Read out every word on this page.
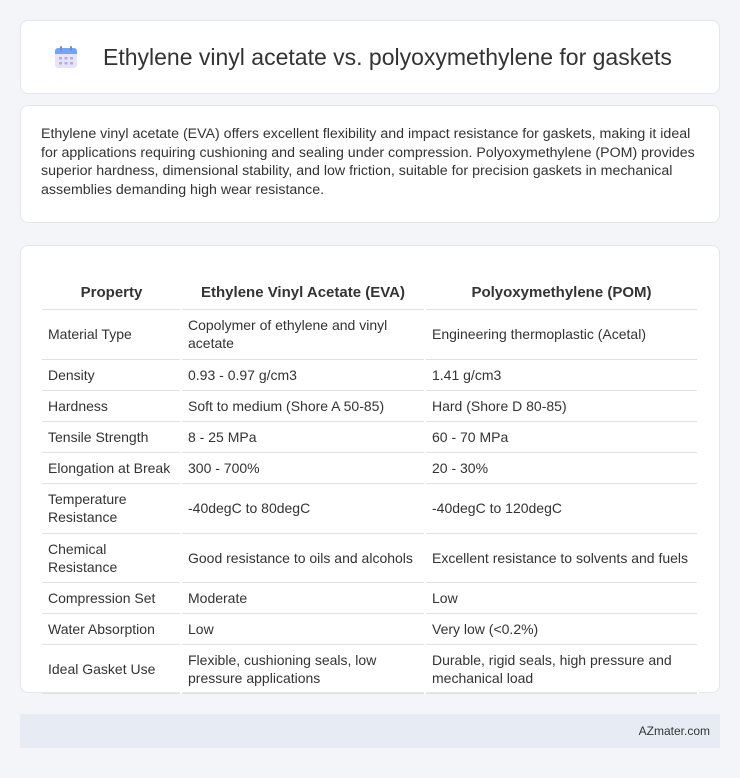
Ethylene vinyl acetate vs. polyoxymethylene for gaskets

Ethylene vinyl acetate (EVA) offers excellent flexibility and impact resistance for gaskets, making it ideal for applications requiring cushioning and sealing under compression. Polyoxymethylene (POM) provides superior hardness, dimensional stability, and low friction, suitable for precision gaskets in mechanical assemblies demanding high wear resistance.

Property	Ethylene Vinyl Acetate (EVA)	Polyoxymethylene (POM)
Material Type	Copolymer of ethylene and vinyl acetate	Engineering thermoplastic (Acetal)
Density	0.93 - 0.97 g/cm3	1.41 g/cm3
Hardness	Soft to medium (Shore A 50-85)	Hard (Shore D 80-85)
Tensile Strength	8 - 25 MPa	60 - 70 MPa
Elongation at Break	300 - 700%	20 - 30%
Temperature Resistance	-40degC to 80degC	-40degC to 120degC
Chemical Resistance	Good resistance to oils and alcohols	Excellent resistance to solvents and fuels
Compression Set	Moderate	Low
Water Absorption	Low	Very low (<0.2%)
Ideal Gasket Use	Flexible, cushioning seals, low pressure applications	Durable, rigid seals, high pressure and mechanical load
AZmater.com
